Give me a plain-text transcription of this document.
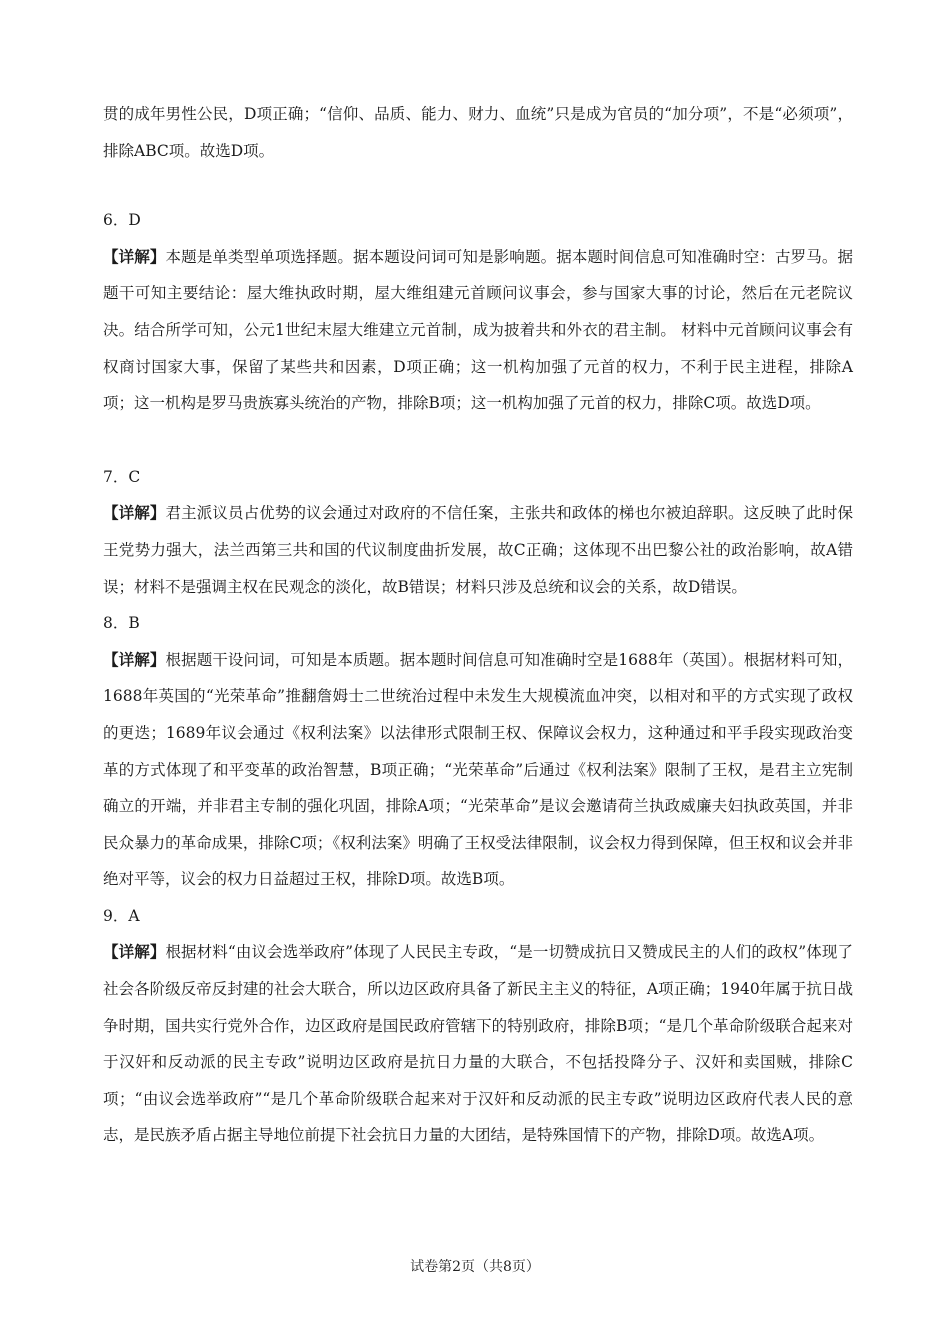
贯的成年男性公民，D项正确；“信仰、品质、能力、财力、血统”只是成为官员的“加分项”，不是“必须项”，排除ABC项。故选D项。

6．D

【详解】本题是单类型单项选择题。据本题设问词可知是影响题。据本题时间信息可知准确时空：古罗马。据题干可知主要结论：屋大维执政时期，屋大维组建元首顾问议事会，参与国家大事的讨论，然后在元老院议决。结合所学可知，公元1世纪末屋大维建立元首制，成为披着共和外衣的君主制。 材料中元首顾问议事会有权商讨国家大事，保留了某些共和因素，D项正确；这一机构加强了元首的权力，不利于民主进程，排除A项；这一机构是罗马贵族寡头统治的产物，排除B项；这一机构加强了元首的权力，排除C项。故选D项。

7．C

【详解】君主派议员占优势的议会通过对政府的不信任案，主张共和政体的梯也尔被迫辞职。这反映了此时保王党势力强大，法兰西第三共和国的代议制度曲折发展，故C正确；这体现不出巴黎公社的政治影响，故A错误；材料不是强调主权在民观念的淡化，故B错误；材料只涉及总统和议会的关系，故D错误。

8．B

【详解】根据题干设问词，可知是本质题。据本题时间信息可知准确时空是1688年（英国）。根据材料可知，1688年英国的“光荣革命”推翻詹姆士二世统治过程中未发生大规模流血冲突，以相对和平的方式实现了政权的更迭；1689年议会通过《权利法案》以法律形式限制王权、保障议会权力，这种通过和平手段实现政治变革的方式体现了和平变革的政治智慧，B项正确；“光荣革命”后通过《权利法案》限制了王权，是君主立宪制确立的开端，并非君主专制的强化巩固，排除A项；“光荣革命”是议会邀请荷兰执政威廉夫妇执政英国，并非民众暴力的革命成果，排除C项；《权利法案》明确了王权受法律限制，议会权力得到保障，但王权和议会并非绝对平等，议会的权力日益超过王权，排除D项。故选B项。

9．A

【详解】根据材料“由议会选举政府”体现了人民民主专政，“是一切赞成抗日又赞成民主的人们的政权”体现了社会各阶级反帝反封建的社会大联合，所以边区政府具备了新民主主义的特征，A项正确；1940年属于抗日战争时期，国共实行党外合作，边区政府是国民政府管辖下的特别政府，排除B项；“是几个革命阶级联合起来对于汉奸和反动派的民主专政”说明边区政府是抗日力量的大联合，不包括投降分子、汉奸和卖国贼，排除C项；“由议会选举政府”“是几个革命阶级联合起来对于汉奸和反动派的民主专政”说明边区政府代表人民的意志，是民族矛盾占据主导地位前提下社会抗日力量的大团结，是特殊国情下的产物，排除D项。故选A项。

试卷第2页（共8页）
